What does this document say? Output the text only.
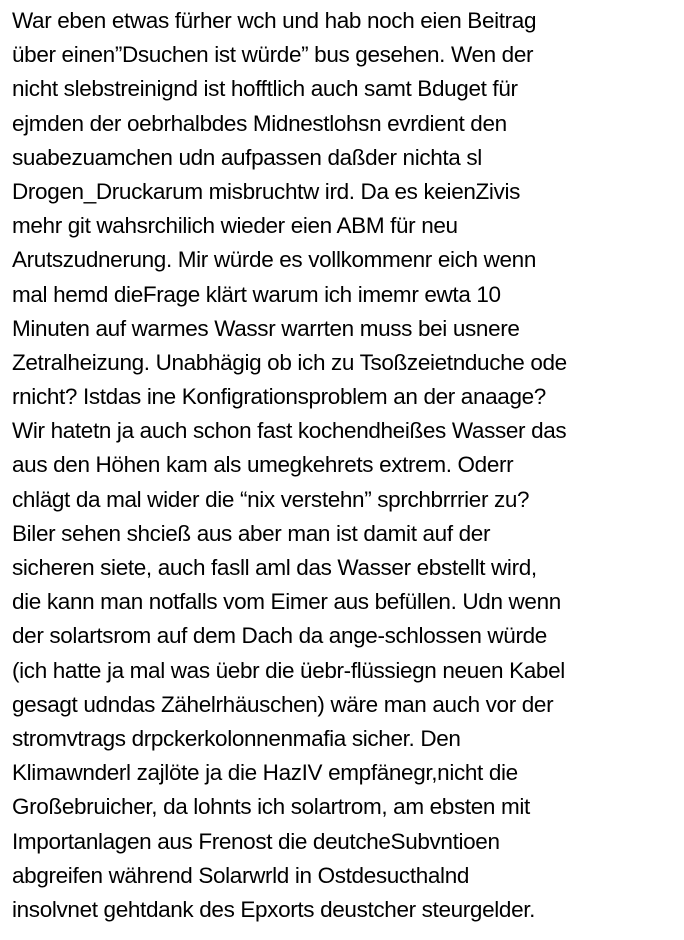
War eben etwas fürher wch und hab noch eien Beitrag
über einen”Dsuchen ist würde” bus gesehen. Wen der
nicht slebstreinignd ist hofftlich auch samt Bduget für
ejmden der oebrhalbdes Midnestlohsn evrdient den
suabezuamchen udn aufpassen daßder nichta sl
Drogen_Druckarum misbruchtw ird. Da es keienZivis
mehr git wahsrchilich wieder eien ABM für neu
Arutszudnerung. Mir würde es vollkommenr eich wenn
mal hemd dieFrage klärt warum ich imemr ewta 10
Minuten auf warmes Wassr warrten muss bei usnere
Zetralheizung. Unabhägig ob ich zu Tsoßzeietnduche ode
rnicht? Istdas ine Konfigrationsproblem an der anaage?
Wir hatetn ja auch schon fast kochendheißes Wasser das
aus den Höhen kam als umegkehrets extrem. Oderr
chlägt da mal wider die “nix verstehn” sprchbrrrier zu?
Biler sehen shcieß aus aber man ist damit auf der
sicheren siete, auch fasll aml das Wasser ebstellt wird,
die kann man notfalls vom Eimer aus befüllen. Udn wenn
der solartsrom auf dem Dach da ange-schlossen würde
(ich hatte ja mal was üebr die üebr-flüssiegn neuen Kabel
gesagt udndas Zähelrhäuschen) wäre man auch vor der
stromvtrags drpckerkolonnenmafia sicher. Den
Klimawnderl zajlöte ja die HazIV empfänegr,nicht die
Großebruicher, da lohnts ich solartrom, am ebsten mit
Importanlagen aus Frenost die deutcheSubvntioen
abgreifen während Solarwrld in Ostdesucthalnd
insolvnet gehtdank des Epxorts deustcher steurgelder.
